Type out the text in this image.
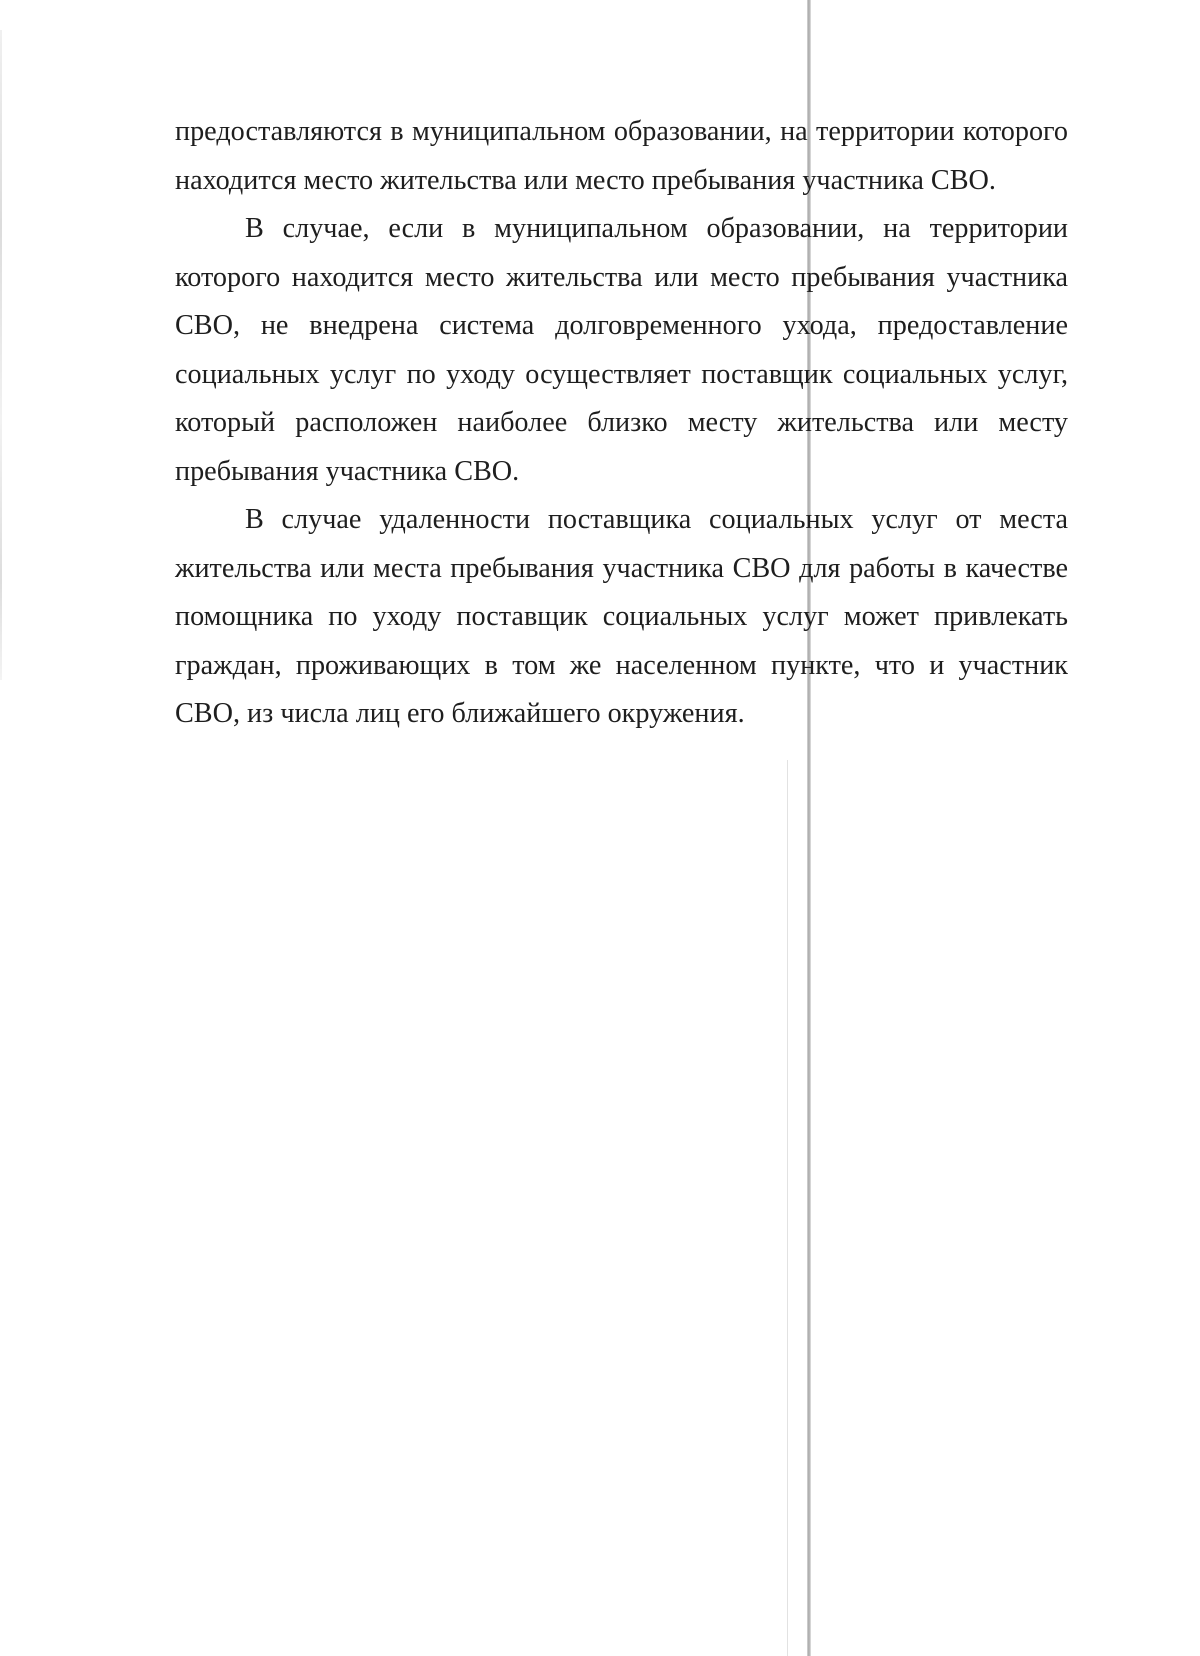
предоставляются в муниципальном образовании, на территории которого находится место жительства или место пребывания участника СВО.

В случае, если в муниципальном образовании, на территории которого находится место жительства или место пребывания участника СВО, не внедрена система долговременного ухода, предоставление социальных услуг по уходу осуществляет поставщик социальных услуг, который расположен наиболее близко месту жительства или месту пребывания участника СВО.

В случае удаленности поставщика социальных услуг от места жительства или места пребывания участника СВО для работы в качестве помощника по уходу поставщик социальных услуг может привлекать граждан, проживающих в том же населенном пункте, что и участник СВО, из числа лиц его ближайшего окружения.
